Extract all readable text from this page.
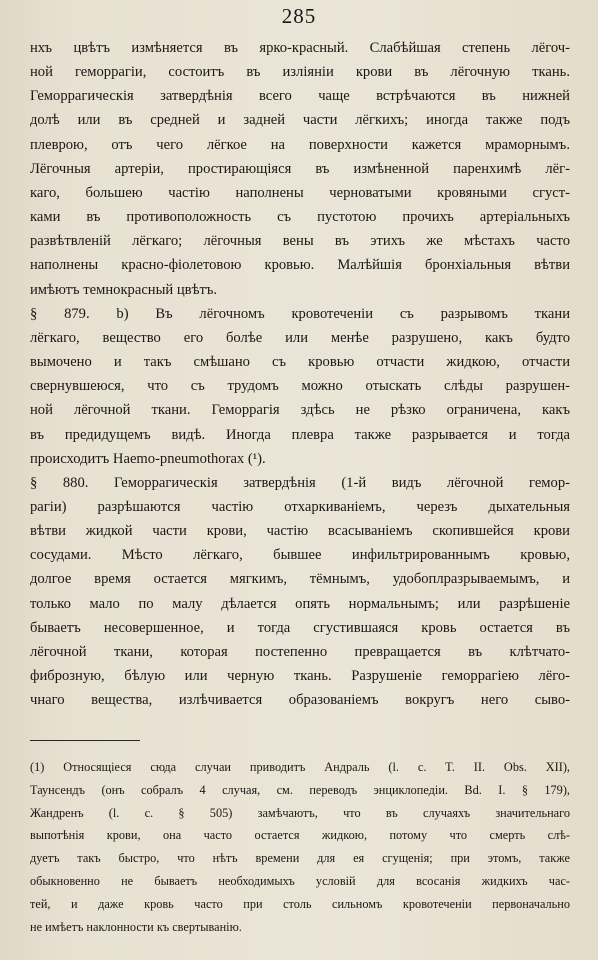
285

нхъ цвѣтъ измѣняется въ ярко-красный. Слабѣйшая степень лёгоч-

ной геморрагіи, состоитъ въ изліяніи крови въ лёгочную ткань.

Геморрагическія затвердѣнія всего чаще встрѣчаются въ нижней

долѣ или въ средней и задней части лёгкихъ; иногда также подъ

плеврою, отъ чего лёгкое на поверхности кажется мраморнымъ.

Лёгочныя артеріи, простирающіяся въ измѣненной паренхимѣ лёг-

каго, большею частію наполнены черноватыми кровяными сгуст-

ками въ противоположность съ пустотою прочихъ артеріальныхъ

развѣтвленій лёгкаго; лёгочныя вены въ этихъ же мѣстахъ часто

наполнены красно-фіолетовою кровью. Малѣйшія бронхіальныя вѣтви

имѣютъ темнокрасный цвѣтъ.

§ 879. b) Въ лёгочномъ кровотеченіи съ разрывомъ ткани

лёгкаго, вещество его болѣе или менѣе разрушено, какъ будто

вымочено и такъ смѣшано съ кровью отчасти жидкою, отчасти

свернувшеюся, что съ трудомъ можно отыскать слѣды разрушен-

ной лёгочной ткани. Геморрагія здѣсь не рѣзко ограничена, какъ

въ предидущемъ видѣ. Иногда плевра также разрывается и тогда

происходитъ Haemo-pneumothorax (¹).

§ 880. Геморрагическія затвердѣнія (1-й видъ лёгочной гемор-

рагіи) разрѣшаются частію отхаркиваніемъ, черезъ дыхательныя

вѣтви жидкой части крови, частію всасываніемъ скопившейся крови

сосудами. Мѣсто лёгкаго, бывшее инфильтрированнымъ кровью,

долгое время остается мягкимъ, тёмнымъ, удобоплразрываемымъ, и

только мало по малу дѣлается опять нормальнымъ; или разрѣшеніе

бываетъ несовершенное, и тогда сгустившаяся кровь остается въ

лёгочной ткани, которая постепенно превращается въ клѣтчато-

фиброзную, бѣлую или черную ткань. Разрушеніе геморрагіею лёго-

чнаго вещества, излѣчивается образованіемъ вокругъ него сыво-

(1) Относящіеся сюда случаи приводитъ Андраль (l. c. T. II. Obs. XII),

Таунсендъ (онъ собралъ 4 случая, см. переводъ энциклопедіи. Bd. I. § 179),

Жандренъ (l. c. § 505) замѣчаютъ, что въ случаяхъ значительнаго

выпотѣнія крови, она часто остается жидкою, потому что смерть слѣ-

дуетъ такъ быстро, что нѣтъ времени для ея сгущенія; при этомъ, также

обыкновенно не бываетъ необходимыхъ условій для всосанія жидкихъ час-

тей, и даже кровь часто при столь сильномъ кровотеченіи первоначально

не имѣетъ наклонности къ свертыванію.
